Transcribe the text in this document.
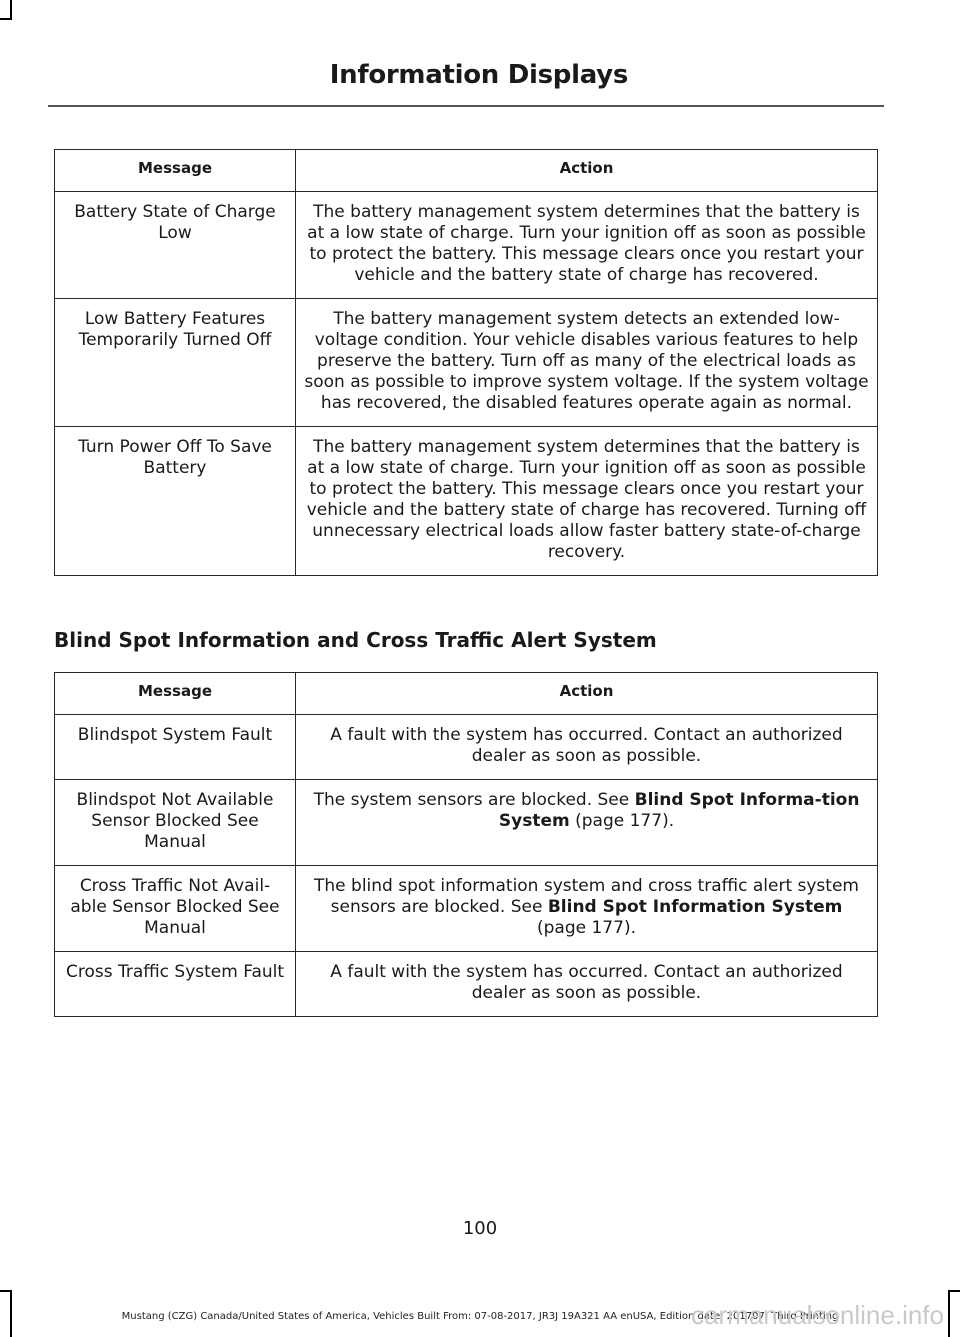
Information Displays
Message	Action
Battery State of Charge Low	The battery management system determines that the battery is at a low state of charge. Turn your ignition off as soon as possible to protect the battery. This message clears once you restart your vehicle and the battery state of charge has recovered.
Low Battery Features Temporarily Turned Off	The battery management system detects an extended low-voltage condition. Your vehicle disables various features to help preserve the battery. Turn off as many of the electrical loads as soon as possible to improve system voltage. If the system voltage has recovered, the disabled features operate again as normal.
Turn Power Off To Save Battery	The battery management system determines that the battery is at a low state of charge. Turn your ignition off as soon as possible to protect the battery. This message clears once you restart your vehicle and the battery state of charge has recovered. Turning off unnecessary electrical loads allow faster battery state-of-charge recovery.
Blind Spot Information and Cross Traffic Alert System
Message	Action
Blindspot System Fault	A fault with the system has occurred. Contact an authorized dealer as soon as possible.
Blindspot Not Available Sensor Blocked See Manual	The system sensors are blocked. See Blind Spot Informa-tion System (page 177).
Cross Traffic Not Avail-able Sensor Blocked See Manual	The blind spot information system and cross traffic alert system sensors are blocked. See Blind Spot Information System (page 177).
Cross Traffic System Fault	A fault with the system has occurred. Contact an authorized dealer as soon as possible.
100
Mustang (CZG) Canada/United States of America, Vehicles Built From: 07-08-2017, JR3J 19A321 AA enUSA, Edition date: 201707, Third Printing
carmanualsonline.info
